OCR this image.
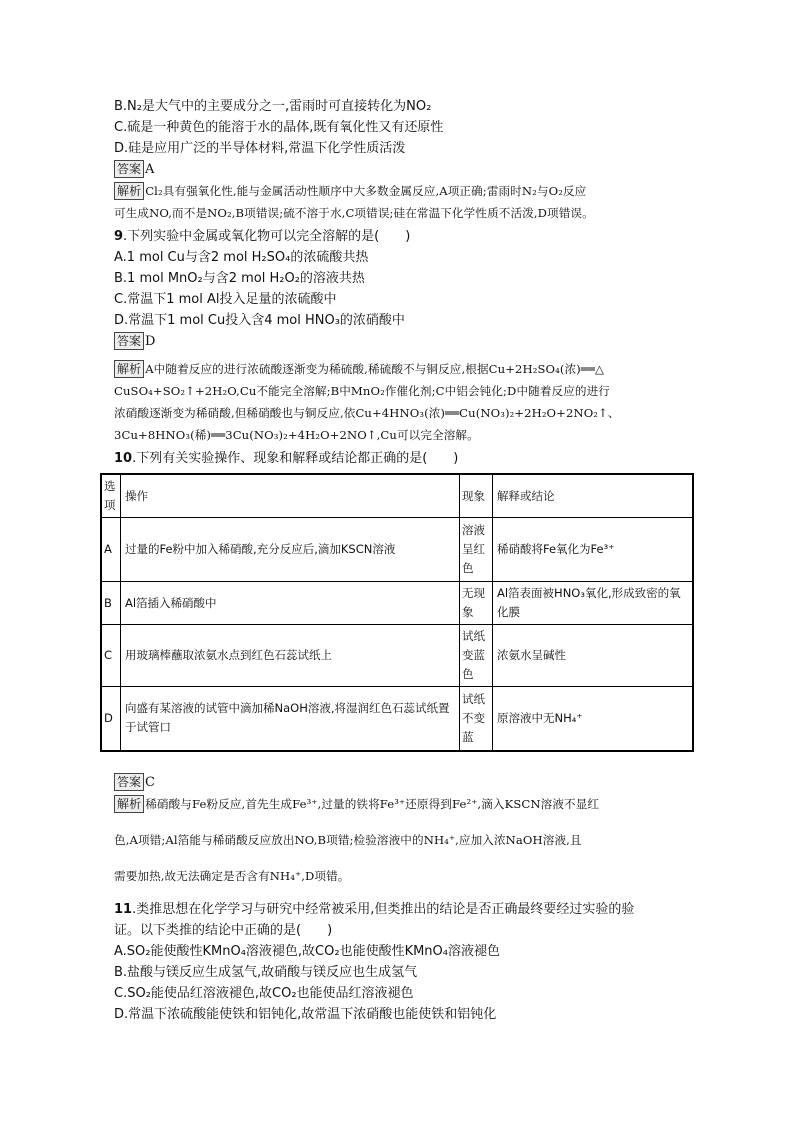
B.N₂是大气中的主要成分之一,雷雨时可直接转化为NO₂
C.硫是一种黄色的能溶于水的晶体,既有氧化性又有还原性
D.硅是应用广泛的半导体材料,常温下化学性质活泼
答案 A
解析 Cl₂具有强氧化性,能与金属活动性顺序中大多数金属反应,A项正确;雷雨时N₂与O₂反应
可生成NO,而不是NO₂,B项错误;硫不溶于水,C项错误;硅在常温下化学性质不活泼,D项错误。
9.下列实验中金属或氧化物可以完全溶解的是(　　)
A.1 mol Cu与含2 mol H₂SO₄的浓硫酸共热
B.1 mol MnO₂与含2 mol H₂O₂的溶液共热
C.常温下1 mol Al投入足量的浓硫酸中
D.常温下1 mol Cu投入含4 mol HNO₃的浓硝酸中
答案 D
解析 A中随着反应的进行浓硫酸逐渐变为稀硫酸,稀硫酸不与铜反应,根据Cu+2H₂SO₄(浓)══△
CuSO₄+SO₂↑+2H₂O,Cu不能完全溶解;B中MnO₂作催化剂;C中铝会钝化;D中随着反应的进行
浓硝酸逐渐变为稀硝酸,但稀硝酸也与铜反应,依Cu+4HNO₃(浓)══Cu(NO₃)₂+2H₂O+2NO₂↑、
3Cu+8HNO₃(稀)══3Cu(NO₃)₂+4H₂O+2NO↑,Cu可以完全溶解。
10.下列有关实验操作、现象和解释或结论都正确的是(　　)
选项	操作	现象	解释或结论
A	过量的Fe粉中加入稀硝酸,充分反应后,滴加KSCN溶液	溶液呈红色	稀硝酸将Fe氧化为Fe³⁺
B	Al箔插入稀硝酸中	无现象	Al箔表面被HNO₃氧化,形成致密的氧化膜
C	用玻璃棒蘸取浓氨水点到红色石蕊试纸上	试纸变蓝色	浓氨水呈碱性
D	向盛有某溶液的试管中滴加稀NaOH溶液,将湿润红色石蕊试纸置于试管口	试纸不变蓝	原溶液中无NH₄⁺
答案 C
解析 稀硝酸与Fe粉反应,首先生成Fe³⁺,过量的铁将Fe³⁺还原得到Fe²⁺,滴入KSCN溶液不显红
色,A项错;Al箔能与稀硝酸反应放出NO,B项错;检验溶液中的NH₄⁺,应加入浓NaOH溶液,且
需要加热,故无法确定是否含有NH₄⁺,D项错。
11.类推思想在化学学习与研究中经常被采用,但类推出的结论是否正确最终要经过实验的验
证。以下类推的结论中正确的是(　　)
A.SO₂能使酸性KMnO₄溶液褪色,故CO₂也能使酸性KMnO₄溶液褪色
B.盐酸与镁反应生成氢气,故硝酸与镁反应也生成氢气
C.SO₂能使品红溶液褪色,故CO₂也能使品红溶液褪色
D.常温下浓硫酸能使铁和铝钝化,故常温下浓硝酸也能使铁和铝钝化
